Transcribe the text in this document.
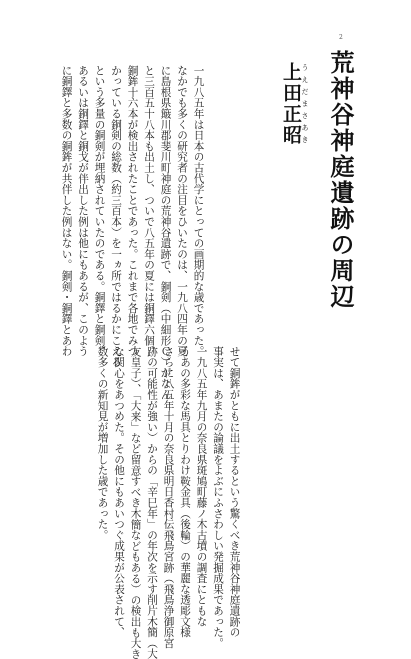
2
荒神谷神庭遺跡の周辺
上田正昭 うえだまさあき
一九八五年は日本の古代学にとっての画期的な歳であった。
なかでも多くの研究者の注目をひいたのは、一九八四年の夏
に島根県簸川郡斐川町神庭の荒神谷遺跡で、銅剣（中細形Ｃ）がなん
と三百五十八本も出土し、ついで八五年の夏には銅鐸六個、
銅鉾十六本が検出されたことであった。これまで各地でみつ
かっている銅剣の総数（約三百本）を一ヵ所ではるかにこえる
という多量の銅剣が埋納されていたのである。銅鐸と銅剣、
あるいは銅鐸と銅戈が伴出した例は他にもあるが、このよう
に銅鐸と多数の銅鉾が共伴した例はない。銅剣・銅鐸とあわ
せて銅鉾がともに出土するという驚くべき荒神谷神庭遺跡の
事実は、あまたの論議をよぶにふさわしい発掘成果であった。
一九八五年九月の奈良県斑鳩町藤ノ木古墳の調査にともな
うあの多彩な馬具とりわけ鞍金具（後輪）の華麗な透彫文様
さらに八五年十月の奈良県明日香村伝飛鳥宮跡（飛鳥浄御原宮
跡の可能性が強い）からの「辛巳年」の年次を示す削片木簡（大
友皇子）、「大来」など留意すべき木簡などもある）の検出も大き
な関心をあつめた。その他にもあいつぐ成果が公表されて、
数多くの新知見が増加した歳であった。
